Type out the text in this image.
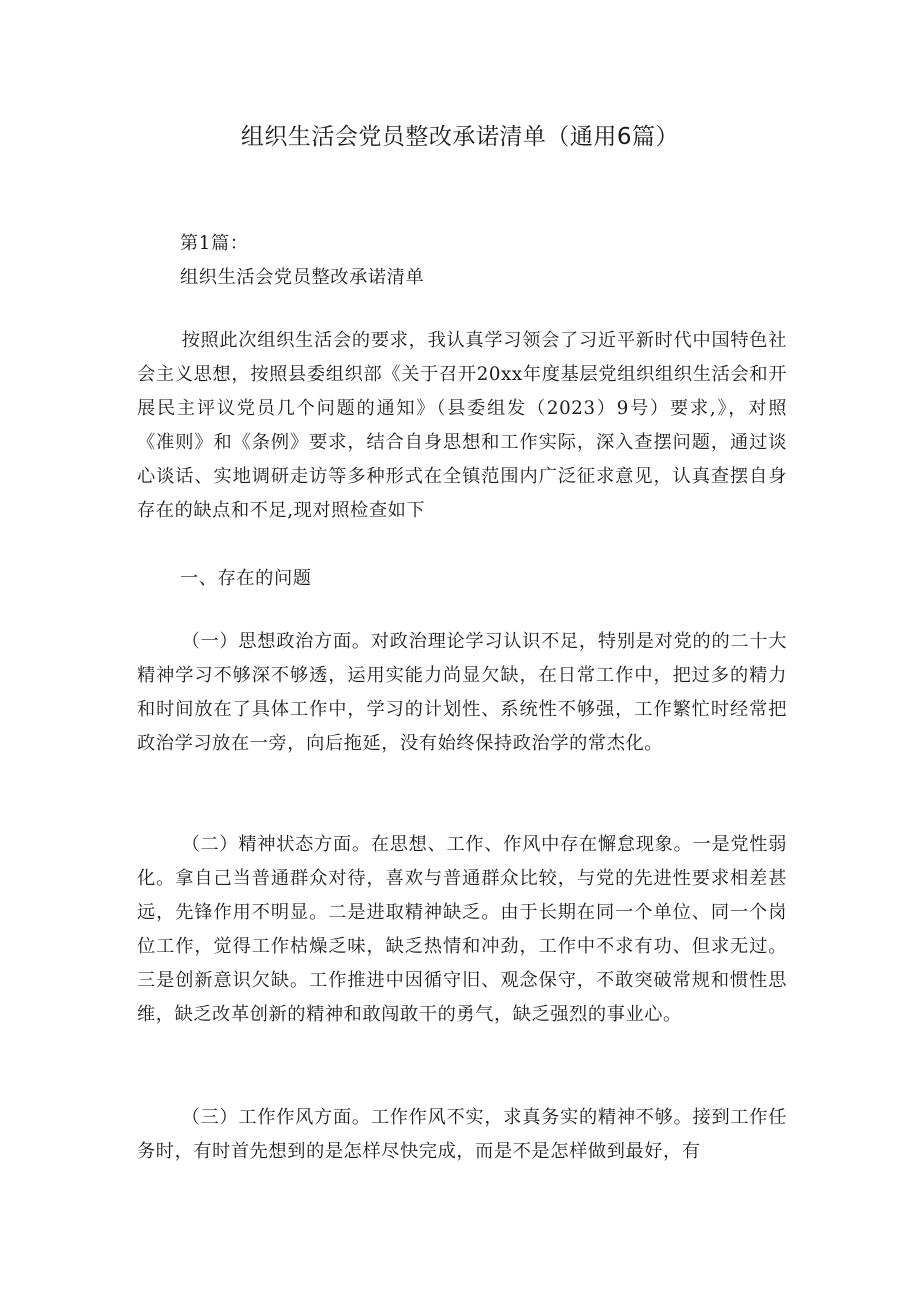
组织生活会党员整改承诺清单（通用6篇）

第1篇：

组织生活会党员整改承诺清单

按照此次组织生活会的要求，我认真学习领会了习近平新时代中国特色社会主义思想，按照县委组织部《关于召开20xx年度基层党组织组织生活会和开展民主评议党员几个问题的通知》（县委组发（2023）9号）要求,》，对照《准则》和《条例》要求，结合自身思想和工作实际，深入查摆问题，通过谈心谈话、实地调研走访等多种形式在全镇范围内广泛征求意见，认真查摆自身存在的缺点和不足,现对照检查如下

一、存在的问题

（一）思想政治方面。对政治理论学习认识不足，特别是对党的的二十大精神学习不够深不够透，运用实能力尚显欠缺，在日常工作中，把过多的精力和时间放在了具体工作中，学习的计划性、系统性不够强，工作繁忙时经常把政治学习放在一旁，向后拖延，没有始终保持政治学的常杰化。

（二）精神状态方面。在思想、工作、作风中存在懈怠现象。一是党性弱化。拿自己当普通群众对待，喜欢与普通群众比较，与党的先进性要求相差甚远，先锋作用不明显。二是进取精神缺乏。由于长期在同一个单位、同一个岗位工作，觉得工作枯燥乏味，缺乏热情和冲劲，工作中不求有功、但求无过。三是创新意识欠缺。工作推进中因循守旧、观念保守，不敢突破常规和惯性思维，缺乏改革创新的精神和敢闯敢干的勇气，缺乏强烈的事业心。

（三）工作作风方面。工作作风不实，求真务实的精神不够。接到工作任务时，有时首先想到的是怎样尽快完成，而是不是怎样做到最好，有
